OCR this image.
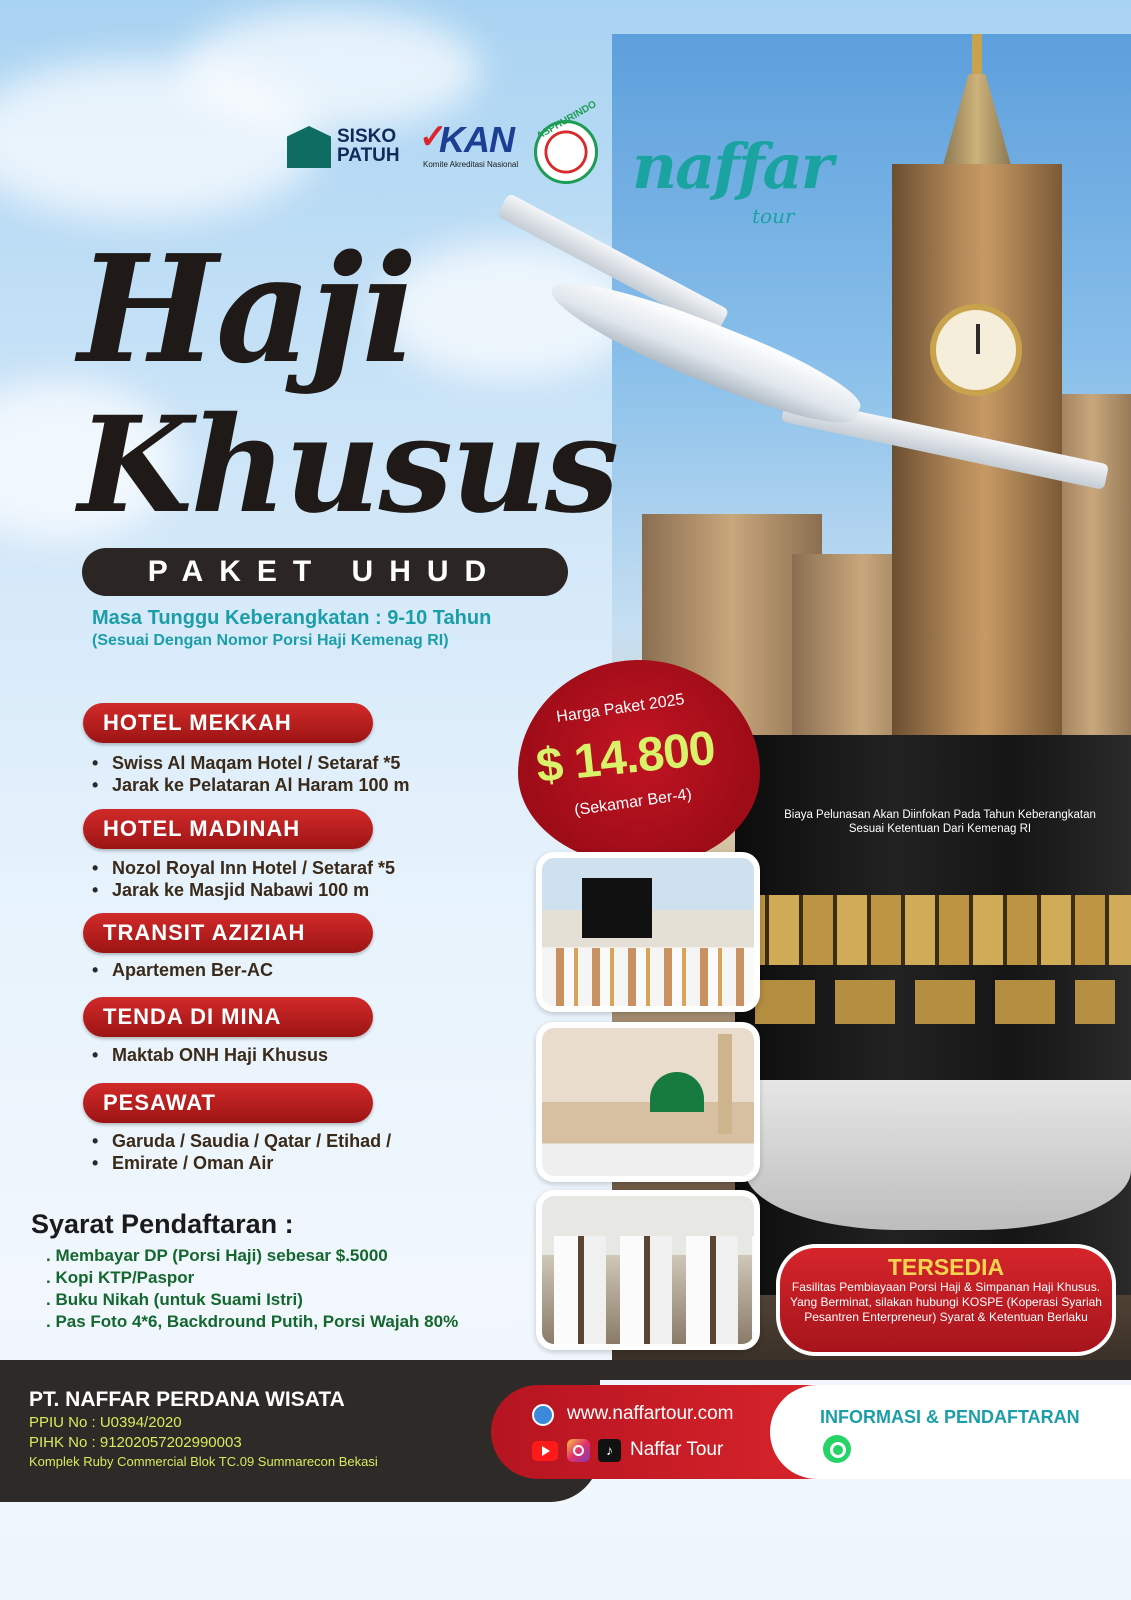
Biaya Pelunasan Akan Diinfokan Pada Tahun Keberangkatan Sesuai Ketentuan Dari Kemenag RI
SISKO
PATUH ✓
KAN
Komite Akreditasi Nasional
ASPHURINDO
naffar
tour
Haji
Khusus
PAKET UHUD
Masa Tunggu Keberangkatan : 9-10 Tahun
(Sesuai Dengan Nomor Porsi Haji Kemenag RI)
HOTEL MEKKAH
• Swiss Al Maqam Hotel / Setaraf *5
• Jarak ke Pelataran Al Haram 100 m
HOTEL MADINAH
• Nozol Royal Inn Hotel / Setaraf *5
• Jarak ke Masjid Nabawi 100 m
TRANSIT AZIZIAH
• Apartemen Ber-AC
TENDA DI MINA
• Maktab ONH Haji Khusus
PESAWAT
• Garuda / Saudia / Qatar / Etihad /
• Emirate / Oman Air
Harga Paket 2025
$ 14.800
(Sekamar Ber-4)
TERSEDIA
Fasilitas Pembiayaan Porsi Haji & Simpanan Haji Khusus. Yang Berminat, silakan hubungi KOSPE (Koperasi Syariah Pesantren Enterpreneur) Syarat & Ketentuan Berlaku
Syarat Pendaftaran :
. Membayar DP (Porsi Haji) sebesar $.5000
. Kopi KTP/Paspor
. Buku Nikah (untuk Suami Istri)
. Pas Foto 4*6, Backdround Putih, Porsi Wajah 80%
PT. NAFFAR PERDANA WISATA
PPIU No : U0394/2020
PIHK No : 91202057202990003
Komplek Ruby Commercial Blok TC.09 Summarecon Bekasi
www.naffartour.com
♪ Naffar Tour
INFORMASI & PENDAFTARAN
